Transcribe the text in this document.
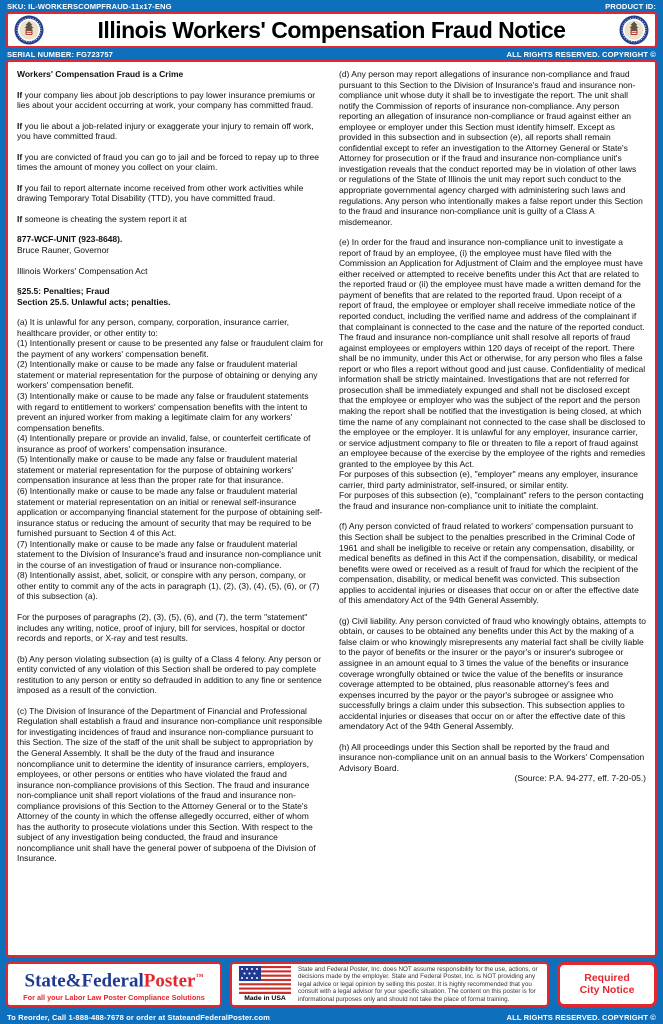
SKU: IL-WORKERSCOMPFRAUD-11x17-ENG	PRODUCT ID:
Illinois Workers' Compensation Fraud Notice
SERIAL NUMBER: FG723757	ALL RIGHTS RESERVED. COPYRIGHT ©

Workers' Compensation Fraud is a Crime

If your company lies about job descriptions to pay lower insurance premiums or lies about your accident occurring at work, your company has committed fraud.

If you lie about a job-related injury or exaggerate your injury to remain off work, you have committed fraud.

If you are convicted of fraud you can go to jail and be forced to repay up to three times the amount of money you collect on your claim.

If you fail to report alternate income received from other work activities while drawing Temporary Total Disability (TTD), you have committed fraud.

If someone is cheating the system report it at

877-WCF-UNIT (923-8648).

Bruce Rauner, Governor

Illinois Workers' Compensation Act

§25.5: Penalties; Fraud

Section 25.5. Unlawful acts; penalties.

(a) It is unlawful for any person, company, corporation, insurance carrier, healthcare provider, or other entity to:

(1) Intentionally present or cause to be presented any false or fraudulent claim for the payment of any workers' compensation benefit.

(2) Intentionally make or cause to be made any false or fraudulent material statement or material representation for the purpose of obtaining or denying any workers' compensation benefit.

(3) Intentionally make or cause to be made any false or fraudulent statements with regard to entitlement to workers' compensation benefits with the intent to prevent an injured worker from making a legitimate claim for any workers' compensation benefits.

(4) Intentionally prepare or provide an invalid, false, or counterfeit certificate of insurance as proof of workers' compensation insurance.

(5) Intentionally make or cause to be made any false or fraudulent material statement or material representation for the purpose of obtaining workers' compensation insurance at less than the proper rate for that insurance.

(6) Intentionally make or cause to be made any false or fraudulent material statement or material representation on an initial or renewal self-insurance application or accompanying financial statement for the purpose of obtaining self-insurance status or reducing the amount of security that may be required to be furnished pursuant to Section 4 of this Act.

(7) Intentionally make or cause to be made any false or fraudulent material statement to the Division of Insurance's fraud and insurance non-compliance unit in the course of an investigation of fraud or insurance non-compliance.

(8) Intentionally assist, abet, solicit, or conspire with any person, company, or other entity to commit any of the acts in paragraph (1), (2), (3), (4), (5), (6), or (7) of this subsection (a).

For the purposes of paragraphs (2), (3), (5), (6), and (7), the term "statement" includes any writing, notice, proof of injury, bill for services, hospital or doctor records and reports, or X-ray and test results.

(b) Any person violating subsection (a) is guilty of a Class 4 felony. Any person or entity convicted of any violation of this Section shall be ordered to pay complete restitution to any person or entity so defrauded in addition to any fine or sentence imposed as a result of the conviction.

(c) The Division of Insurance of the Department of Financial and Professional Regulation shall establish a fraud and insurance non-compliance unit responsible for investigating incidences of fraud and insurance non-compliance pursuant to this Section. The size of the staff of the unit shall be subject to appropriation by the General Assembly. It shall be the duty of the fraud and insurance noncompliance unit to determine the identity of insurance carriers, employers, employees, or other persons or entities who have violated the fraud and insurance non-compliance provisions of this Section. The fraud and insurance non-compliance unit shall report violations of the fraud and insurance non-compliance provisions of this Section to the Attorney General or to the State's Attorney of the county in which the offense allegedly occurred, either of whom has the authority to prosecute violations under this Section. With respect to the subject of any investigation being conducted, the fraud and insurance noncompliance unit shall have the general power of subpoena of the Division of Insurance.

(d) Any person may report allegations of insurance non-compliance and fraud pursuant to this Section to the Division of Insurance's fraud and insurance non-compliance unit whose duty it shall be to investigate the report. The unit shall notify the Commission of reports of insurance non-compliance. Any person reporting an allegation of insurance non-compliance or fraud against either an employee or employer under this Section must identify himself. Except as provided in this subsection and in subsection (e), all reports shall remain confidential except to refer an investigation to the Attorney General or State's Attorney for prosecution or if the fraud and insurance non-compliance unit's investigation reveals that the conduct reported may be in violation of other laws or regulations of the State of Illinois the unit may report such conduct to the appropriate governmental agency charged with administering such laws and regulations. Any person who intentionally makes a false report under this Section to the fraud and insurance non-compliance unit is guilty of a Class A misdemeanor.

(e) In order for the fraud and insurance non-compliance unit to investigate a report of fraud by an employee, (i) the employee must have filed with the Commission an Application for Adjustment of Claim and the employee must have either received or attempted to receive benefits under this Act that are related to the reported fraud or (ii) the employee must have made a written demand for the payment of benefits that are related to the reported fraud. Upon receipt of a report of fraud, the employee or employer shall receive immediate notice of the reported conduct, including the verified name and address of the complainant if that complainant is connected to the case and the nature of the reported conduct. The fraud and insurance non-compliance unit shall resolve all reports of fraud against employees or employers within 120 days of receipt of the report. There shall be no immunity, under this Act or otherwise, for any person who files a false report or who files a report without good and just cause. Confidentiality of medical information shall be strictly maintained. Investigations that are not referred for prosecution shall be immediately expunged and shall not be disclosed except that the employee or employer who was the subject of the report and the person making the report shall be notified that the investigation is being closed, at which time the name of any complainant not connected to the case shall be disclosed to the employee or the employer. It is unlawful for any employer, insurance carrier, or service adjustment company to file or threaten to file a report of fraud against an employee because of the exercise by the employee of the rights and remedies granted to the employee by this Act.

For purposes of this subsection (e), "employer" means any employer, insurance carrier, third party administrator, self-insured, or similar entity.

For purposes of this subsection (e), "complainant" refers to the person contacting the fraud and insurance non-compliance unit to initiate the complaint.

(f) Any person convicted of fraud related to workers' compensation pursuant to this Section shall be subject to the penalties prescribed in the Criminal Code of 1961 and shall be ineligible to receive or retain any compensation, disability, or medical benefits as defined in this Act if the compensation, disability, or medical benefits were owed or received as a result of fraud for which the recipient of the compensation, disability, or medical benefit was convicted. This subsection applies to accidental injuries or diseases that occur on or after the effective date of this amendatory Act of the 94th General Assembly.

(g) Civil liability. Any person convicted of fraud who knowingly obtains, attempts to obtain, or causes to be obtained any benefits under this Act by the making of a false claim or who knowingly misrepresents any material fact shall be civilly liable to the payor of benefits or the insurer or the payor's or insurer's subrogee or assignee in an amount equal to 3 times the value of the benefits or insurance coverage wrongfully obtained or twice the value of the benefits or insurance coverage attempted to be obtained, plus reasonable attorney's fees and expenses incurred by the payor or the payor's subrogee or assignee who successfully brings a claim under this subsection. This subsection applies to accidental injuries or diseases that occur on or after the effective date of this amendatory Act of the 94th General Assembly.

(h) All proceedings under this Section shall be reported by the fraud and insurance non-compliance unit on an annual basis to the Workers' Compensation Advisory Board.

(Source: P.A. 94-277, eff. 7-20-05.)

State&FederalPoster™
For all your Labor Law Poster Compliance Solutions	Made in USA
State and Federal Poster, Inc. does NOT assume responsibility for the use, actions, or decisions made by the employer. State and Federal Poster, Inc. is NOT providing any legal advice or legal opinion by selling this poster. It is highly recommended that you consult with a legal advisor for your specific situation. The content on this poster is for informational purposes only and should not take the place of formal training.
Required
City Notice
To Reorder, Call 1-888-488-7678 or order at StateandFederalPoster.com	ALL RIGHTS RESERVED. COPYRIGHT ©
